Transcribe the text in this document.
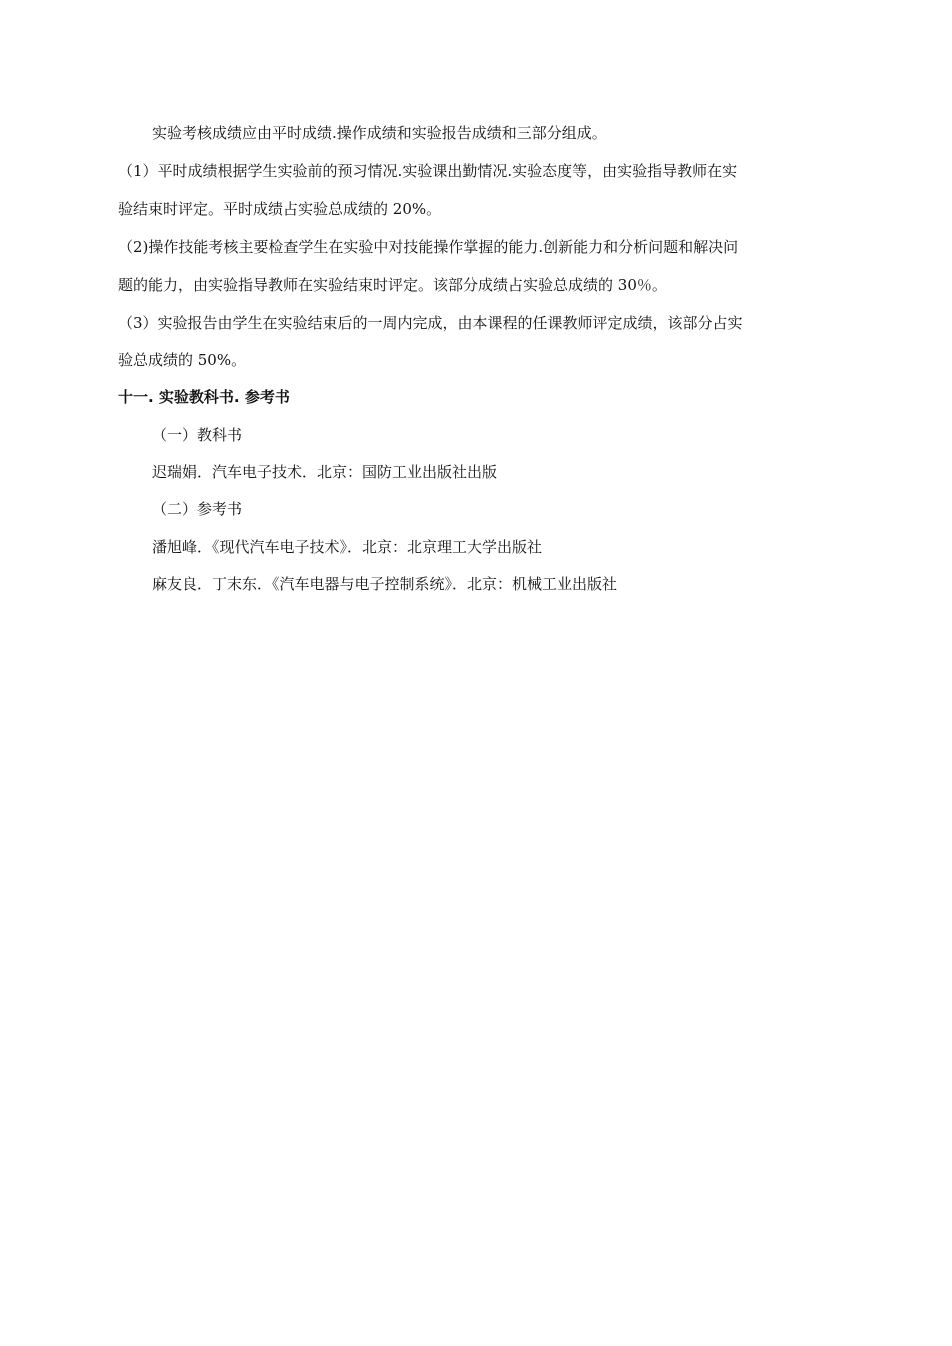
实验考核成绩应由平时成绩.操作成绩和实验报告成绩和三部分组成。
（1）平时成绩根据学生实验前的预习情况.实验课出勤情况.实验态度等，由实验指导教师在实
验结束时评定。平时成绩占实验总成绩的 20%。
（2)操作技能考核主要检查学生在实验中对技能操作掌握的能力.创新能力和分析问题和解决问
题的能力，由实验指导教师在实验结束时评定。该部分成绩占实验总成绩的 30％。
（3）实验报告由学生在实验结束后的一周内完成，由本课程的任课教师评定成绩，该部分占实
验总成绩的 50%。
十一. 实验教科书. 参考书
（一）教科书
迟瑞娟．汽车电子技术．北京：国防工业出版社出版
（二）参考书
潘旭峰．《现代汽车电子技术》．北京：北京理工大学出版社
麻友良．丁末东．《汽车电器与电子控制系统》．北京：机械工业出版社
